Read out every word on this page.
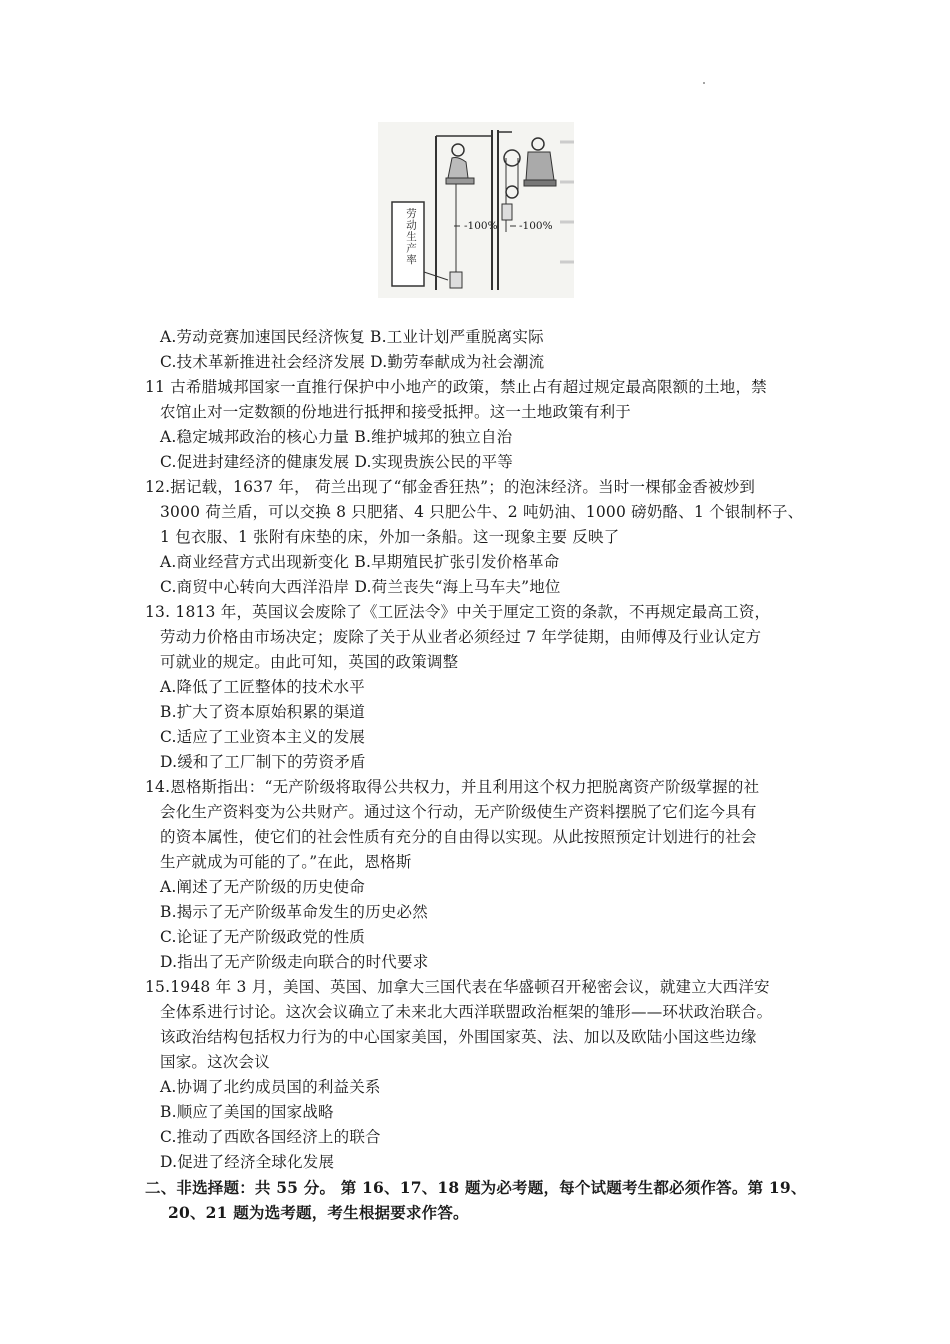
劳动生产率	-100% -100%
A.劳动竞赛加速国民经济恢复 B.工业计划严重脱离实际
C.技术革新推进社会经济发展 D.勤劳奉献成为社会潮流
11 古希腊城邦国家一直推行保护中小地产的政策，禁止占有超过规定最高限额的土地，禁
农馆止对一定数额的份地进行抵押和接受抵押。这一土地政策有利于
A.稳定城邦政治的核心力量 B.维护城邦的独立自治
C.促进封建经济的健康发展 D.实现贵族公民的平等
12.据记载，1637 年， 荷兰出现了“郁金香狂热”；的泡沫经济。当时一棵郁金香被炒到
3000 荷兰盾，可以交换 8 只肥猪、4 只肥公牛、2 吨奶油、1000 磅奶酪、1 个银制杯子、
1 包衣服、1 张附有床垫的床，外加一条船。这一现象主要 反映了
A.商业经营方式出现新变化 B.早期殖民扩张引发价格革命
C.商贸中心转向大西洋沿岸 D.荷兰丧失“海上马车夫”地位
13. 1813 年，英国议会废除了《工匠法令》中关于厘定工资的条款，不再规定最高工资，
劳动力价格由市场决定；废除了关于从业者必须经过 7 年学徒期，由师傅及行业认定方
可就业的规定。由此可知，英国的政策调整
A.降低了工匠整体的技术水平
B.扩大了资本原始积累的渠道
C.适应了工业资本主义的发展
D.缓和了工厂制下的劳资矛盾
14.恩格斯指出：“无产阶级将取得公共权力，并且利用这个权力把脱离资产阶级掌握的社
会化生产资料变为公共财产。通过这个行动，无产阶级使生产资料摆脱了它们迄今具有
的资本属性，使它们的社会性质有充分的自由得以实现。从此按照预定计划进行的社会
生产就成为可能的了。”在此，恩格斯
A.阐述了无产阶级的历史使命
B.揭示了无产阶级革命发生的历史必然
C.论证了无产阶级政党的性质
D.指出了无产阶级走向联合的时代要求
15.1948 年 3 月，美国、英国、加拿大三国代表在华盛顿召开秘密会议，就建立大西洋安
全体系进行讨论。这次会议确立了未来北大西洋联盟政治框架的雏形——环状政治联合。
该政治结构包括权力行为的中心国家美国，外围国家英、法、加以及欧陆小国这些边缘
国家。这次会议
A.协调了北约成员国的利益关系
B.顺应了美国的国家战略
C.推动了西欧各国经济上的联合
D.促进了经济全球化发展
二、非选择题：共 55 分。 第 16、17、18 题为必考题，每个试题考生都必须作答。第 19、
20、21 题为选考题，考生根据要求作答。
